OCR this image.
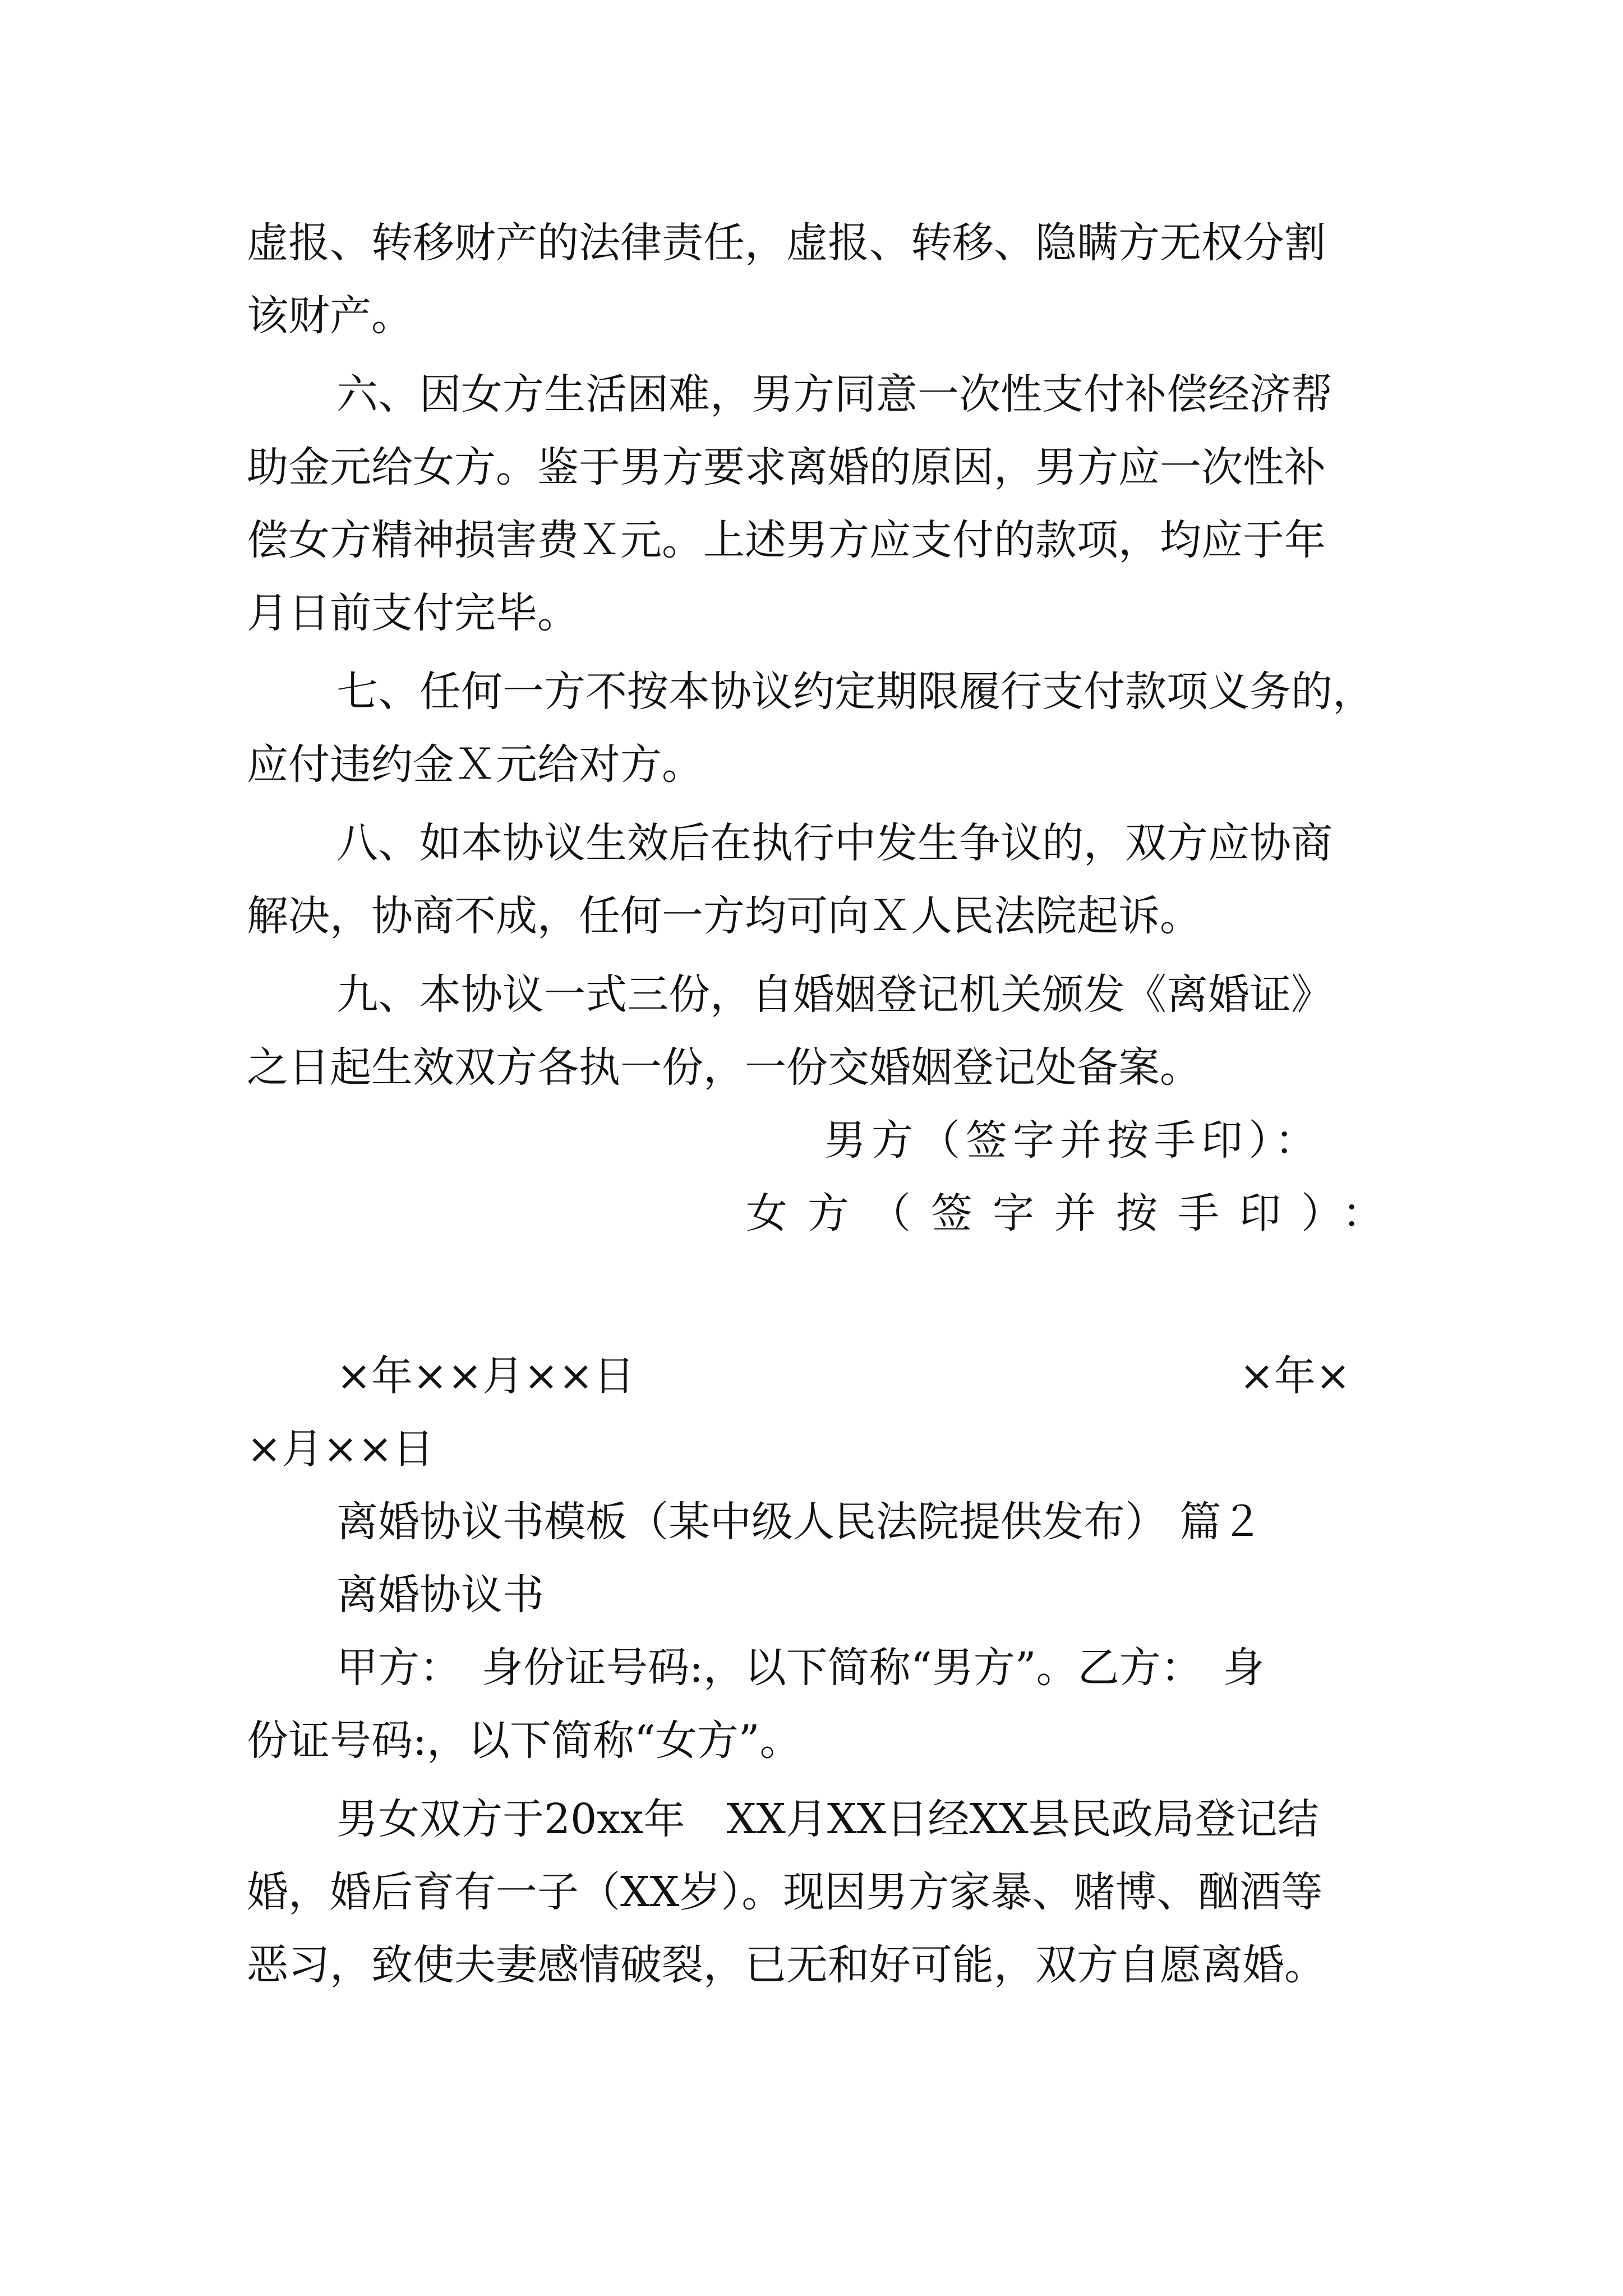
虚报、转移财产的法律责任，虚报、转移、隐瞒方无权分割
该财产。
六、因女方生活困难，男方同意一次性支付补偿经济帮
助金元给女方。鉴于男方要求离婚的原因，男方应一次性补
偿女方精神损害费Ｘ元。上述男方应支付的款项，均应于年
月日前支付完毕。
七、任何一方不按本协议约定期限履行支付款项义务的，
应付违约金Ｘ元给对方。
八、如本协议生效后在执行中发生争议的，双方应协商
解决，协商不成，任何一方均可向Ｘ人民法院起诉。
九、本协议一式三份，自婚姻登记机关颁发《离婚证》
之日起生效双方各执一份，一份交婚姻登记处备案。
男方（签字并按手印）：
女方（签字并按手印）：
×年××月××日	×年×
×月××日
离婚协议书模板（某中级人民法院提供发布） 篇２
离婚协议书
甲方：　身份证号码:，以下简称“男方”。乙方：　身
份证号码:，以下简称“女方”。
男女双方于20xx年　XX月XX日经XX县民政局登记结
婚，婚后育有一子（XX岁）。现因男方家暴、赌博、酗酒等
恶习，致使夫妻感情破裂，已无和好可能，双方自愿离婚。
